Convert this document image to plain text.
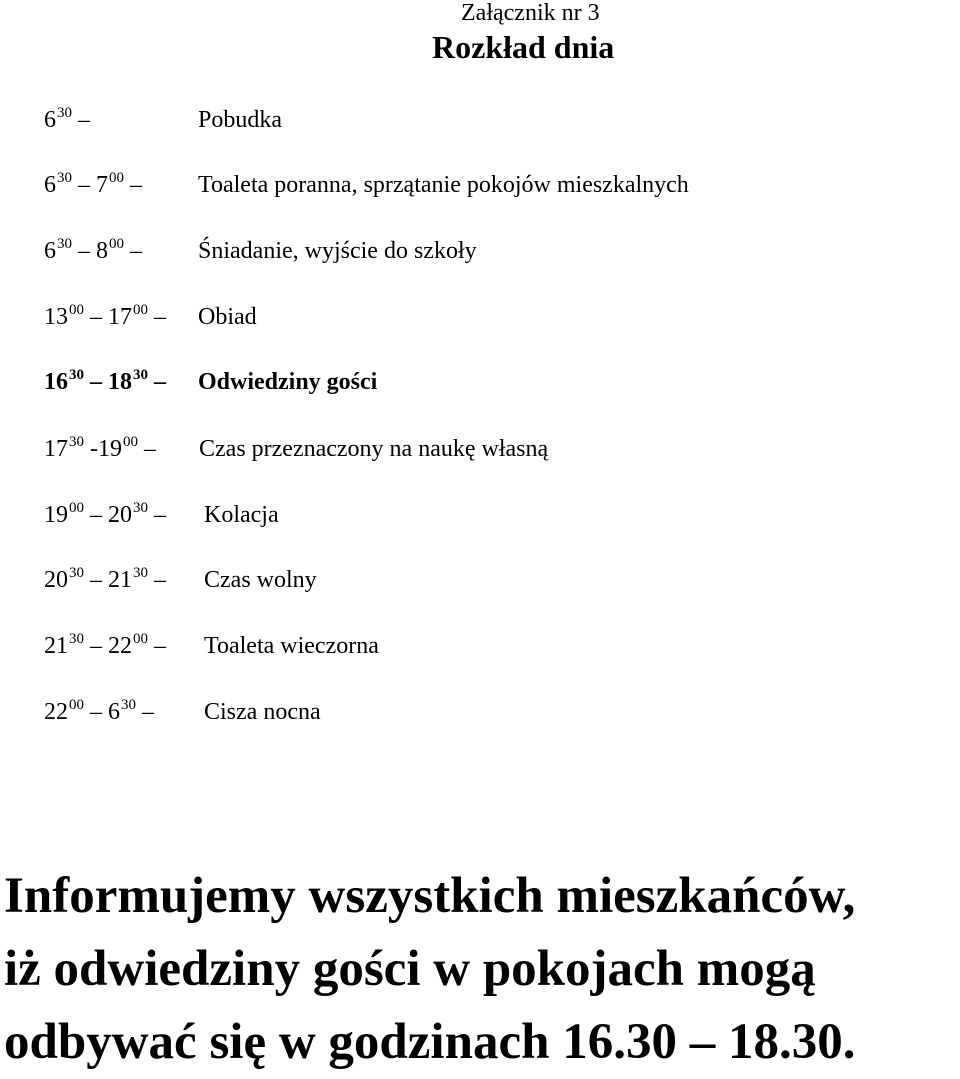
Załącznik nr 3
Rozkład dnia
$6^{30}$ –	Pobudka
$6^{30} - 7^{00}$ – Toaleta poranna, sprzątanie pokojów mieszkalnych
$6^{30} - 8^{00}$ – Śniadanie, wyjście do szkoły
$13^{00} - 17^{00}$ – Obiad
$16^{30} - 18^{30}$ – Odwiedziny gości
$17^{30}$ $-19^{00}$ – Czas przeznaczony na naukę własną
$19^{00} - 20^{30}$ – Kolacja
$20^{30} - 21^{30}$ – Czas wolny
$21^{30} - 22^{00}$ – Toaleta wieczorna
$22^{00} - 6^{30}$ – Cisza nocna
Informujemy wszystkich mieszkańców,
iż odwiedziny gości w pokojach mogą
odbywać się w godzinach 16.30 – 18.30.
